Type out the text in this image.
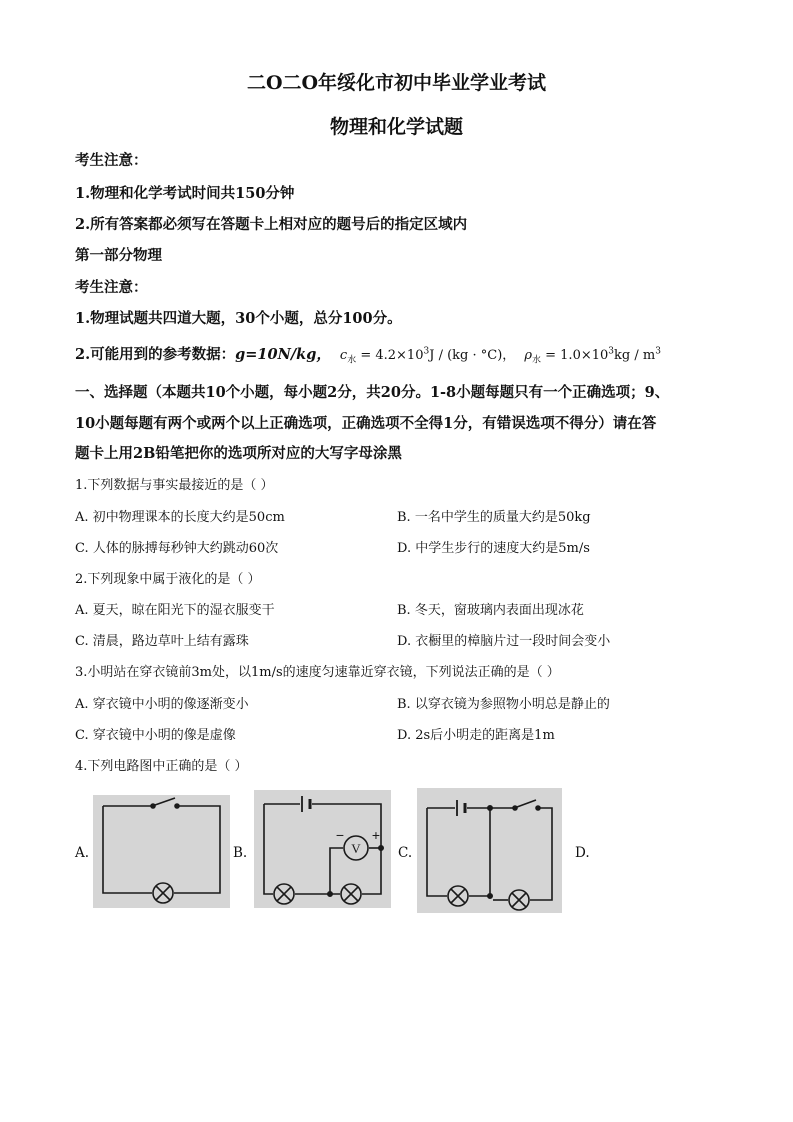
二O二O年绥化市初中毕业学业考试
物理和化学试题
考生注意：
1.物理和化学考试时间共150分钟
2.所有答案都必须写在答题卡上相对应的题号后的指定区域内
第一部分物理
考生注意：
1.物理试题共四道大题，30个小题，总分100分。
2.可能用到的参考数据：g=10N/kg， $c_水 = 4.2\times 10^3J / (kg \cdot ^\circ C)$， $\rho_水 = 1.0\times 10^3kg / m^3$
一、选择题（本题共10个小题，每小题2分，共20分。1-8小题每题只有一个正确选项；9、
10小题每题有两个或两个以上正确选项，正确选项不全得1分，有错误选项不得分）请在答
题卡上用2B铅笔把你的选项所对应的大写字母涂黑
1.下列数据与事实最接近的是（ ）
A. 初中物理课本的长度大约是50cm	B. 一名中学生的质量大约是50kg
C. 人体的脉搏每秒钟大约跳动60次	D. 中学生步行的速度大约是5m/s
2.下列现象中属于液化的是（ ）
A. 夏天，晾在阳光下的湿衣服变干	B. 冬天，窗玻璃内表面出现冰花
C. 清晨，路边草叶上结有露珠	D. 衣橱里的樟脑片过一段时间会变小
3.小明站在穿衣镜前3m处，以1m/s的速度匀速靠近穿衣镜，下列说法正确的是（ ）
A. 穿衣镜中小明的像逐渐变小	B. 以穿衣镜为参照物小明总是静止的
C. 穿衣镜中小明的像是虚像	D. 2s后小明走的距离是1m
4.下列电路图中正确的是（ ）
A.	B.	C.	D.
V
− +
